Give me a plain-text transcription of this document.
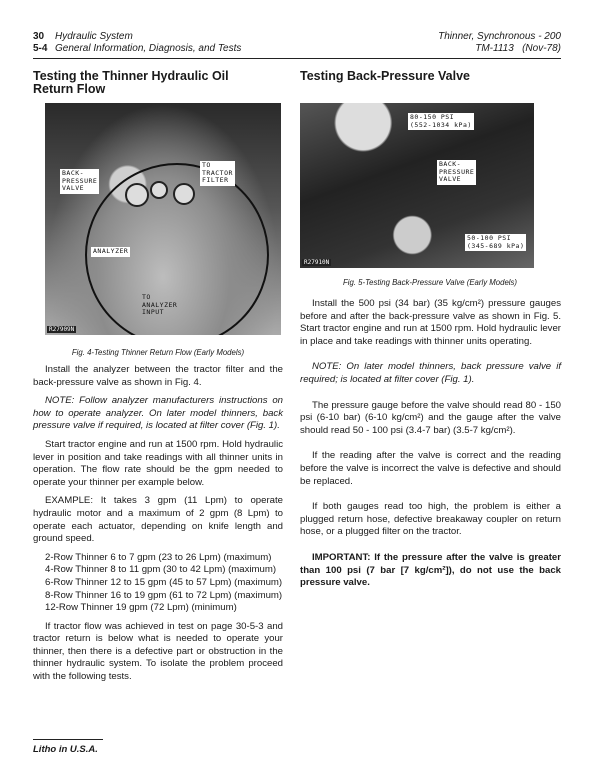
30 Hydraulic System
5-4 General Information, Diagnosis, and Tests
Thinner, Synchronous - 200
TM-1113   (Nov-78)
Testing the Thinner Hydraulic Oil Return Flow
Testing Back-Pressure Valve
BACK-
PRESSURE
VALVE
TO
TRACTOR
FILTER
ANALYZER
TO
ANALYZER
INPUT
R27909N
Fig. 4-Testing Thinner Return Flow (Early Models)
80-150 PSI
(552-1034 kPa)
BACK-
PRESSURE
VALVE
50-100 PSI
(345-689 kPa)
R27910N
Fig. 5-Testing Back-Pressure Valve (Early Models)

Install the analyzer between the tractor filter and the back-pressure valve as shown in Fig. 4.

NOTE: Follow analyzer manufacturers instructions on how to operate analyzer. On later model thinners, back pressure valve if required, is located at filter cover (Fig. 1).

Start tractor engine and run at 1500 rpm. Hold hydraulic lever in position and take readings with all thinner units in operation. The flow rate should be the gpm needed to operate your thinner per example below.

EXAMPLE: It takes 3 gpm (11 Lpm) to operate hydraulic motor and a maximum of 2 gpm (8 Lpm) to operate each actuator, depending on knife length and ground speed.

2-Row Thinner 6 to 7 gpm (23 to 26 Lpm) (maximum)

4-Row Thinner 8 to 11 gpm (30 to 42 Lpm) (maximum)

6-Row Thinner 12 to 15 gpm (45 to 57 Lpm) (maximum)

8-Row Thinner 16 to 19 gpm (61 to 72 Lpm) (maximum)

12-Row Thinner 19 gpm (72 Lpm) (minimum)

If tractor flow was achieved in test on page 30-5-3 and tractor return is below what is needed to operate your thinner, then there is a defective part or obstruction in the thinner hydraulic system. To isolate the problem proceed with the following tests.

Install the 500 psi (34 bar) (35 kg/cm²) pressure gauges before and after the back-pressure valve as shown in Fig. 5. Start tractor engine and run at 1500 rpm. Hold hydraulic lever in place and take readings with thinner units operating.

NOTE: On later model thinners, back pressure valve if required; is located at filter cover (Fig. 1).

The pressure gauge before the valve should read 80 - 150 psi (6-10 bar) (6-10 kg/cm²) and the gauge after the valve should read 50 - 100 psi (3.4-7 bar) (3.5-7 kg/cm²).

If the reading after the valve is correct and the reading before the valve is incorrect the valve is defective and should be replaced.

If both gauges read too high, the problem is either a plugged return hose, defective breakaway coupler on return hose, or a plugged filter on the tractor.

IMPORTANT: If the pressure after the valve is greater than 100 psi (7 bar [7 kg/cm²]), do not use the back pressure valve.

Litho in U.S.A.
